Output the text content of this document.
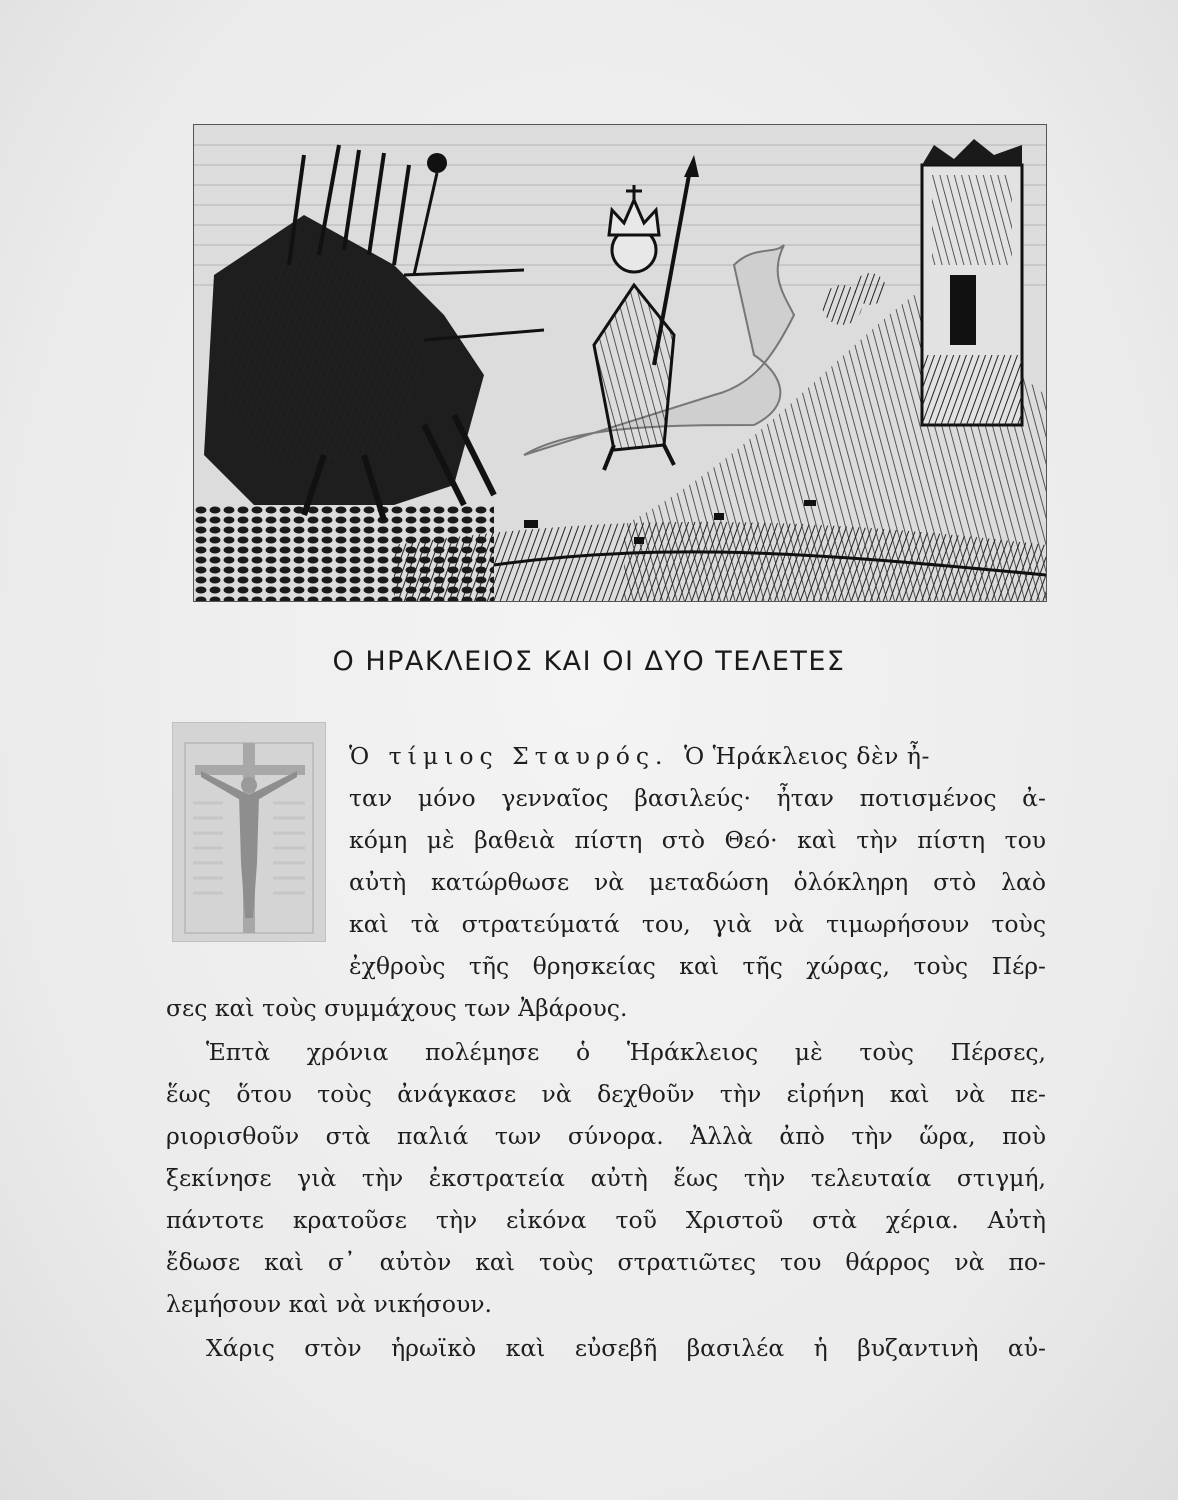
Ο ΗΡΑΚΛΕΙΟΣ ΚΑΙ ΟΙ ΔΥΟ ΤΕΛΕΤΕΣ
Ὁ τίμιος Σταυρός. Ὁ Ἡράκλειος δὲν ἦ-
ταν μόνο γενναῖος βασιλεύς· ἦταν ποτισμένος ἀ-
κόμη μὲ βαθειὰ πίστη στὸ Θεό· καὶ τὴν πίστη του
αὐτὴ κατώρθωσε νὰ μεταδώση ὁλόκληρη στὸ λαὸ
καὶ τὰ στρατεύματά του, γιὰ νὰ τιμωρήσουν τοὺς
ἐχθροὺς τῆς θρησκείας καὶ τῆς χώρας, τοὺς Πέρ-
σες καὶ τοὺς συμμάχους των Ἀβάρους.
Ἑπτὰ χρόνια πολέμησε ὁ Ἡράκλειος μὲ τοὺς Πέρσες,
ἕως ὅτου τοὺς ἀνάγκασε νὰ δεχθοῦν τὴν εἰρήνη καὶ νὰ πε-
ριορισθοῦν στὰ παλιά των σύνορα. Ἀλλὰ ἀπὸ τὴν ὥρα, ποὺ
ξεκίνησε γιὰ τὴν ἐκστρατεία αὐτὴ ἕως τὴν τελευταία στιγμή,
πάντοτε κρατοῦσε τὴν εἰκόνα τοῦ Χριστοῦ στὰ χέρια. Αὐτὴ
ἔδωσε καὶ σ᾽ αὐτὸν καὶ τοὺς στρατιῶτες του θάρρος νὰ πο-
λεμήσουν καὶ νὰ νικήσουν.
Χάρις στὸν ἡρωϊκὸ καὶ εὐσεβῆ βασιλέα ἡ βυζαντινὴ αὐ-
